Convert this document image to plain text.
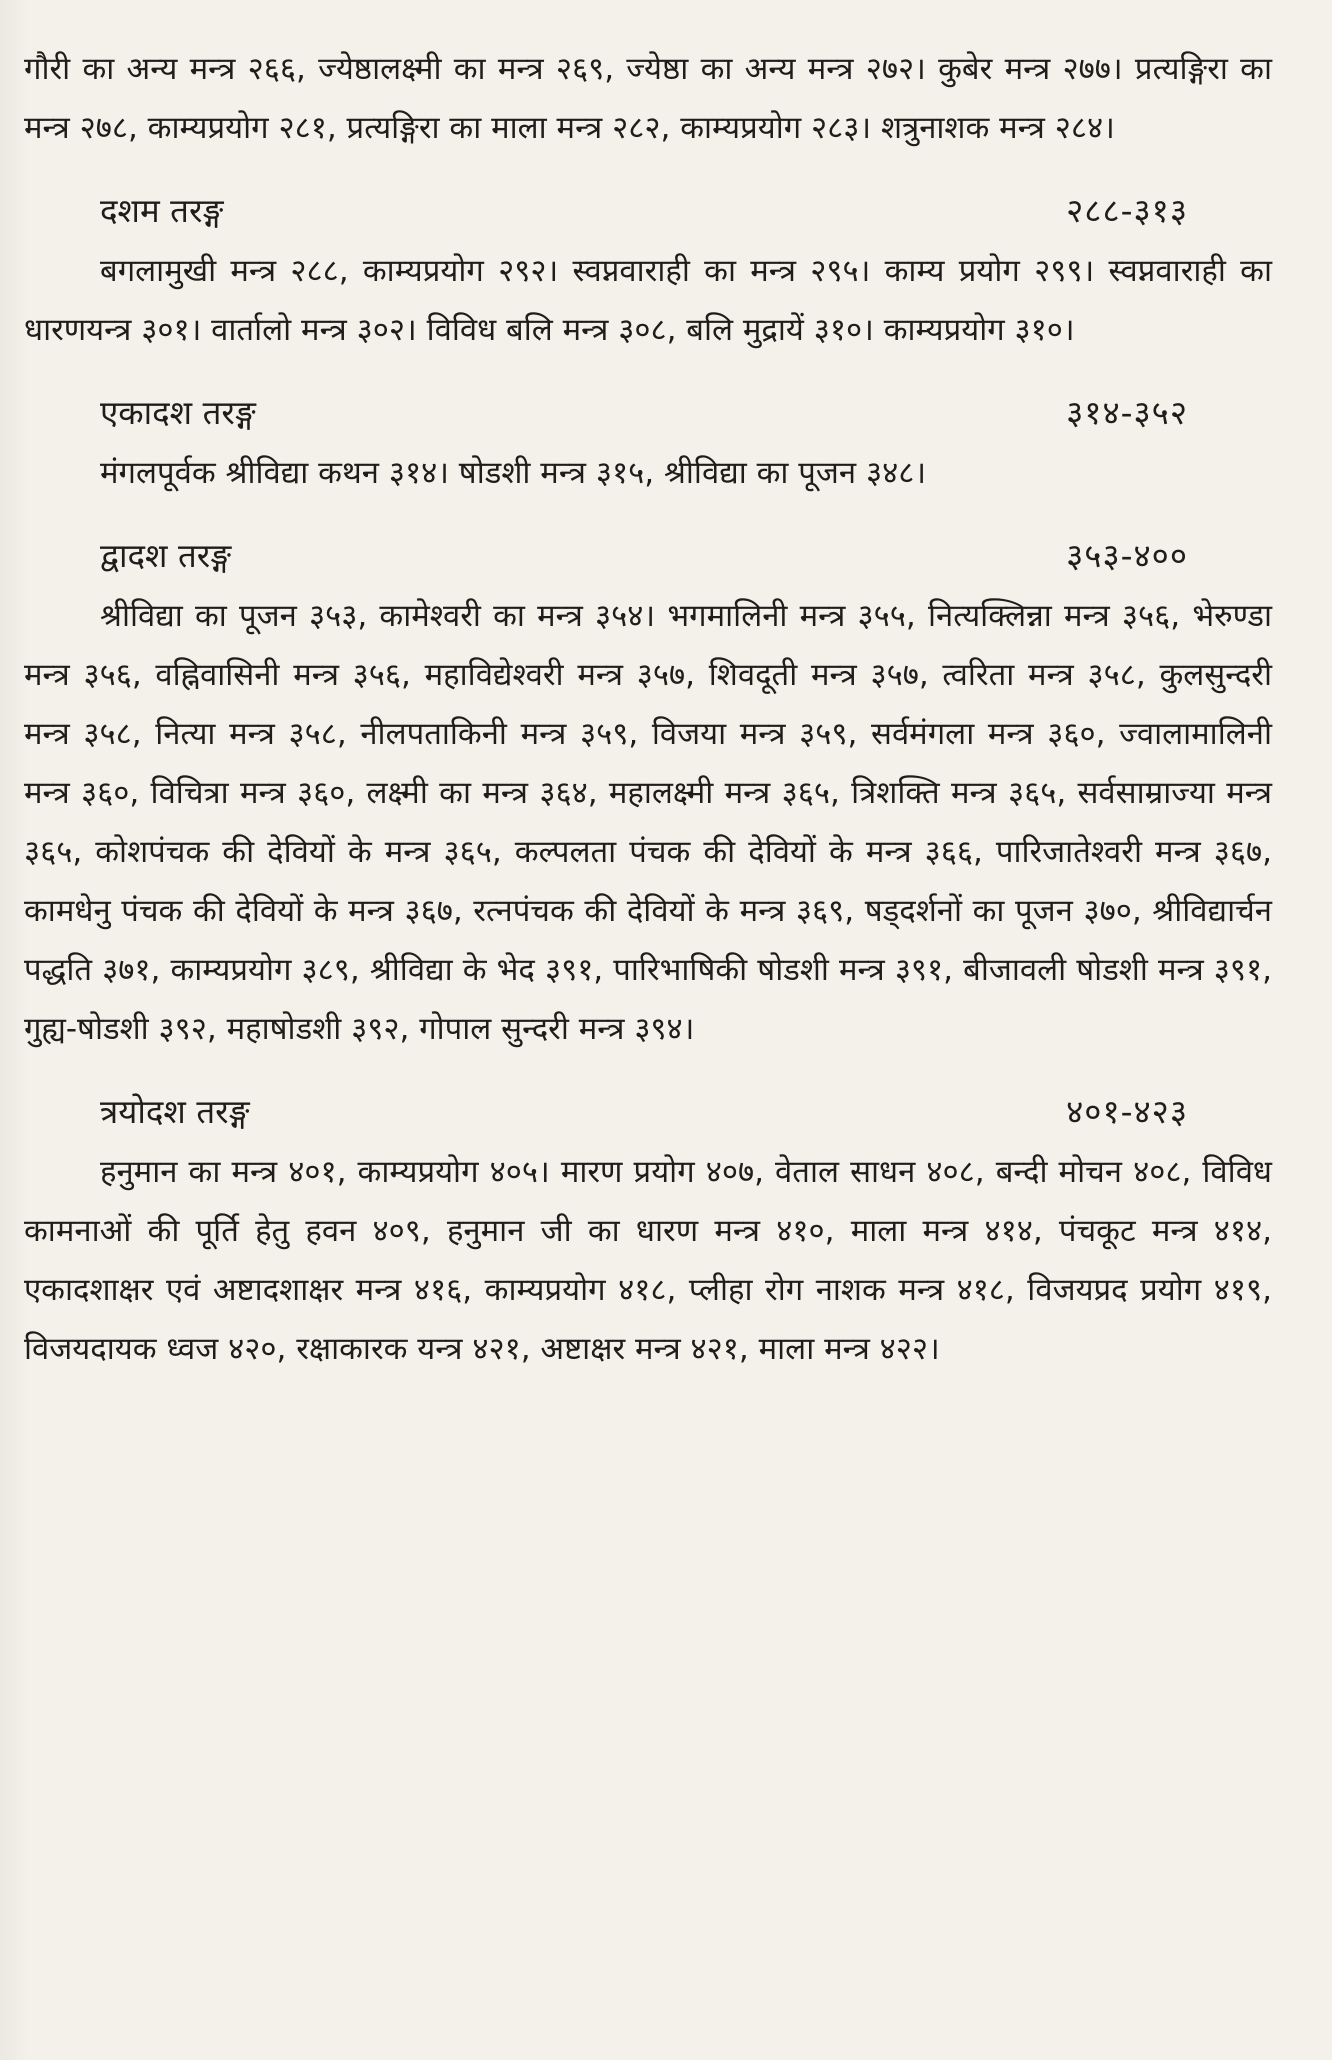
गौरी का अन्य मन्त्र २६६, ज्येष्ठालक्ष्मी का मन्त्र २६९, ज्येष्ठा का अन्य मन्त्र २७२। कुबेर मन्त्र २७७। प्रत्यङ्गिरा का मन्त्र २७८, काम्यप्रयोग २८१, प्रत्यङ्गिरा का माला मन्त्र २८२, काम्यप्रयोग २८३। शत्रुनाशक मन्त्र २८४।

दशम तरङ्ग	२८८-३१३

बगलामुखी मन्त्र २८८, काम्यप्रयोग २९२। स्वप्नवाराही का मन्त्र २९५। काम्य प्रयोग २९९। स्वप्नवाराही का धारणयन्त्र ३०१। वार्तालो मन्त्र ३०२। विविध बलि मन्त्र ३०८, बलि मुद्रायें ३१०। काम्यप्रयोग ३१०।

एकादश तरङ्ग	३१४-३५२

मंगलपूर्वक श्रीविद्या कथन ३१४। षोडशी मन्त्र ३१५, श्रीविद्या का पूजन ३४८।

द्वादश तरङ्ग	३५३-४००

श्रीविद्या का पूजन ३५३, कामेश्वरी का मन्त्र ३५४। भगमालिनी मन्त्र ३५५, नित्यक्लिन्ना मन्त्र ३५६, भेरुण्डा मन्त्र ३५६, वह्निवासिनी मन्त्र ३५६, महाविद्येश्वरी मन्त्र ३५७, शिवदूती मन्त्र ३५७, त्वरिता मन्त्र ३५८, कुलसुन्दरी मन्त्र ३५८, नित्या मन्त्र ३५८, नीलपताकिनी मन्त्र ३५९, विजया मन्त्र ३५९, सर्वमंगला मन्त्र ३६०, ज्वालामालिनी मन्त्र ३६०, विचित्रा मन्त्र ३६०, लक्ष्मी का मन्त्र ३६४, महालक्ष्मी मन्त्र ३६५, त्रिशक्ति मन्त्र ३६५, सर्वसाम्राज्या मन्त्र ३६५, कोशपंचक की देवियों के मन्त्र ३६५, कल्पलता पंचक की देवियों के मन्त्र ३६६, पारिजातेश्वरी मन्त्र ३६७, कामधेनु पंचक की देवियों के मन्त्र ३६७, रत्नपंचक की देवियों के मन्त्र ३६९, षड्दर्शनों का पूजन ३७०, श्रीविद्यार्चन पद्धति ३७१, काम्यप्रयोग ३८९, श्रीविद्या के भेद ३९१, पारिभाषिकी षोडशी मन्त्र ३९१, बीजावली षोडशी मन्त्र ३९१, गुह्य-षोडशी ३९२, महाषोडशी ३९२, गोपाल सुन्दरी मन्त्र ३९४।

त्रयोदश तरङ्ग	४०१-४२३

हनुमान का मन्त्र ४०१, काम्यप्रयोग ४०५। मारण प्रयोग ४०७, वेताल साधन ४०८, बन्दी मोचन ४०८, विविध कामनाओं की पूर्ति हेतु हवन ४०९, हनुमान जी का धारण मन्त्र ४१०, माला मन्त्र ४१४, पंचकूट मन्त्र ४१४, एकादशाक्षर एवं अष्टादशाक्षर मन्त्र ४१६, काम्यप्रयोग ४१८, प्लीहा रोग नाशक मन्त्र ४१८, विजयप्रद प्रयोग ४१९, विजयदायक ध्वज ४२०, रक्षाकारक यन्त्र ४२१, अष्टाक्षर मन्त्र ४२१, माला मन्त्र ४२२।
